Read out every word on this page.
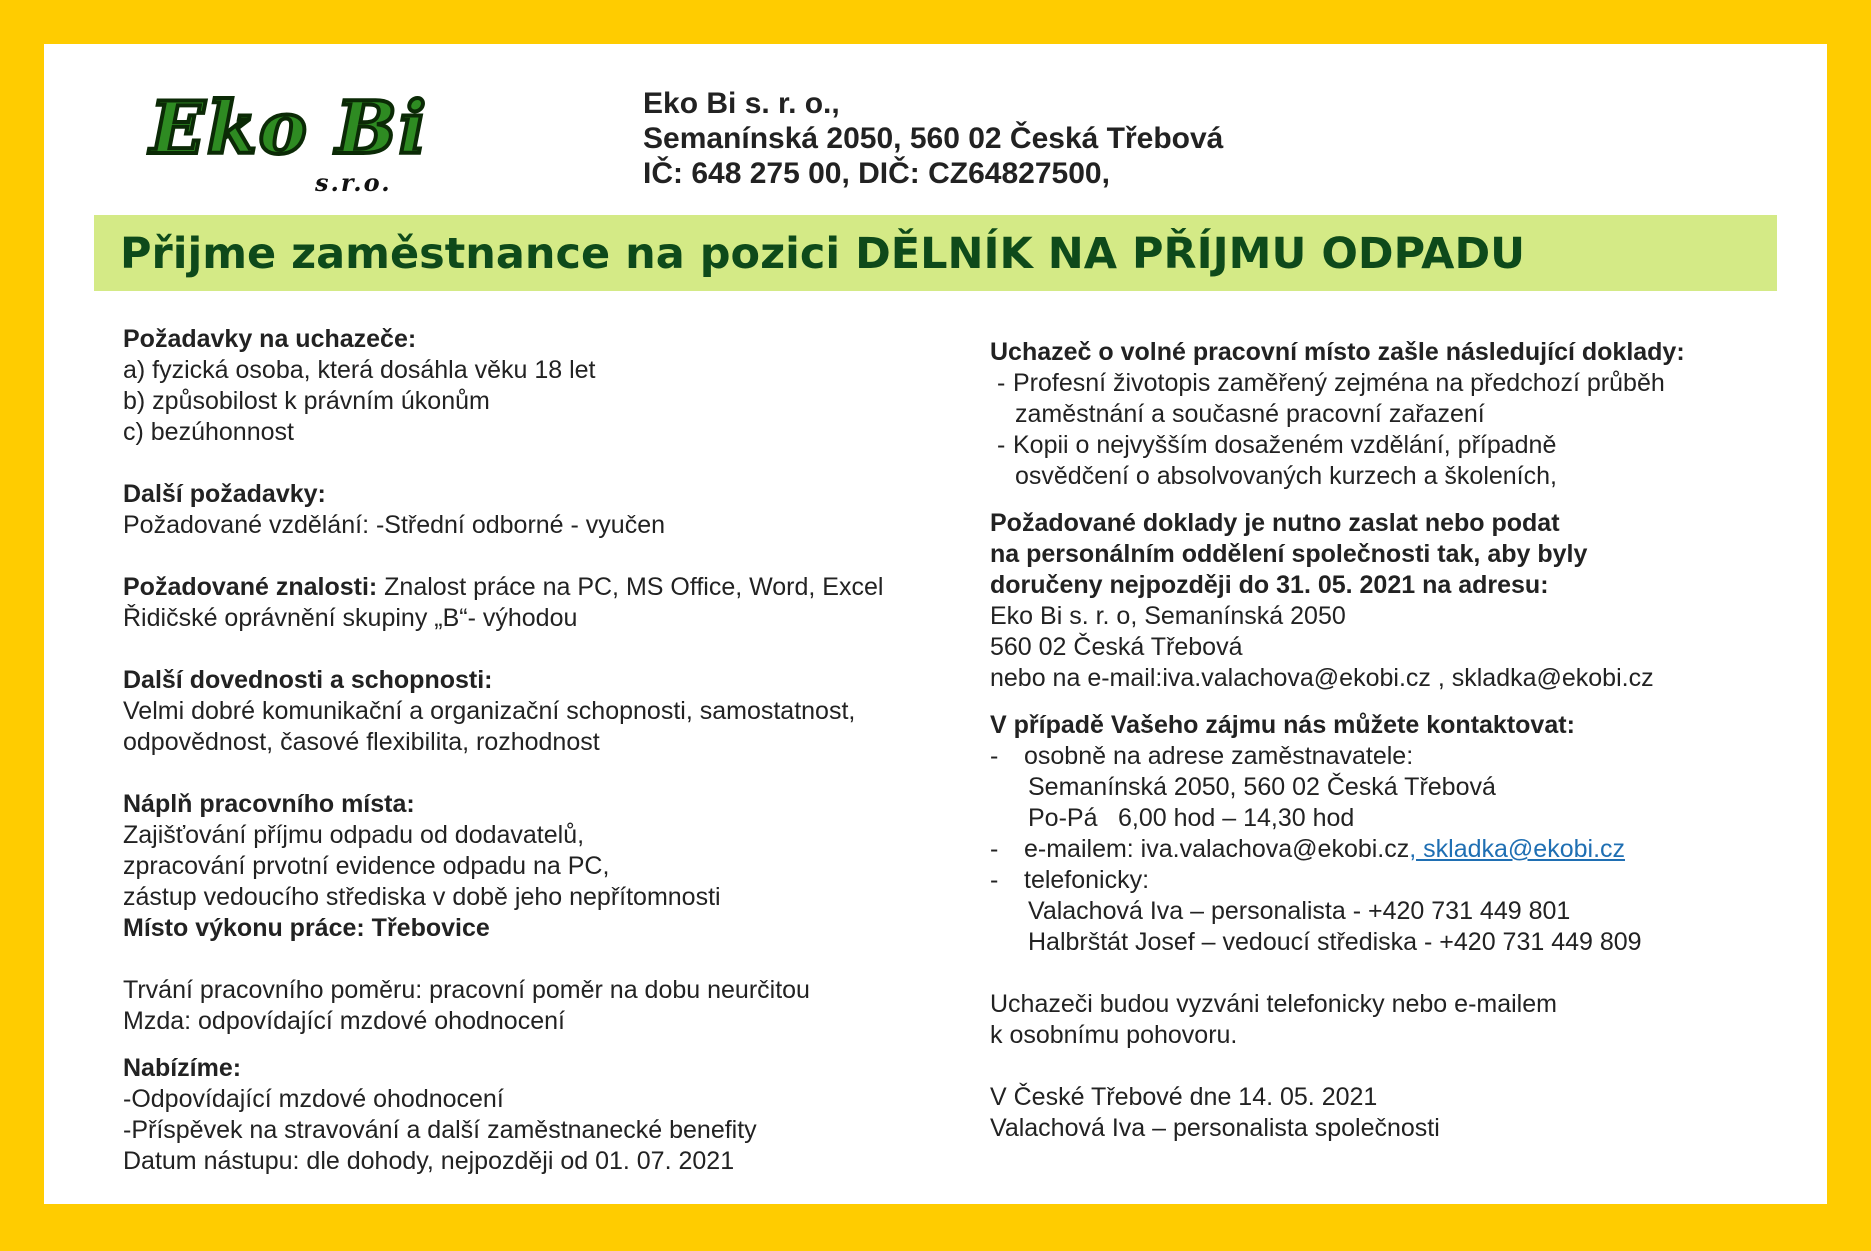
Eko Bi
s.r.o.
Eko Bi s. r. o.,
Semanínská 2050, 560 02 Česká Třebová
IČ: 648 275 00, DIČ: CZ64827500,
Přijme zaměstnance na pozici DĚLNÍK NA PŘÍJMU ODPADU

Požadavky na uchazeče:

a) fyzická osoba, která dosáhla věku 18 let

b) způsobilost k právním úkonům

c) bezúhonnost

Další požadavky:

Požadované vzdělání: -Střední odborné - vyučen

Požadované znalosti: Znalost práce na PC, MS Office, Word, Excel

Řidičské oprávnění skupiny „B“- výhodou

Další dovednosti a schopnosti:

Velmi dobré komunikační a organizační schopnosti, samostatnost,

odpovědnost, časové flexibilita, rozhodnost

Náplň pracovního místa:

Zajišťování příjmu odpadu od dodavatelů,

zpracování prvotní evidence odpadu na PC,

zástup vedoucího střediska v době jeho nepřítomnosti

Místo výkonu práce: Třebovice

Trvání pracovního poměru: pracovní poměr na dobu neurčitou

Mzda: odpovídající mzdové ohodnocení

Nabízíme:

-Odpovídající mzdové ohodnocení

-Příspěvek na stravování a další zaměstnanecké benefity

Datum nástupu: dle dohody, nejpozději od 01. 07. 2021

Uchazeč o volné pracovní místo zašle následující doklady:

- Profesní životopis zaměřený zejména na předchozí průběh

zaměstnání a současné pracovní zařazení

- Kopii o nejvyšším dosaženém vzdělání, případně

osvědčení o absolvovaných kurzech a školeních,

Požadované doklady je nutno zaslat nebo podat

na personálním oddělení společnosti tak, aby byly

doručeny nejpozději do 31. 05. 2021 na adresu:

Eko Bi s. r. o, Semanínská 2050

560 02 Česká Třebová

nebo na e-mail:iva.valachova@ekobi.cz , skladka@ekobi.cz

V případě Vašeho zájmu nás můžete kontaktovat:

- osobně na adrese zaměstnavatele:

Semanínská 2050, 560 02 Česká Třebová

Po-Pá 6,00 hod – 14,30 hod

- e-mailem: iva.valachova@ekobi.cz, skladka@ekobi.cz

- telefonicky:

Valachová Iva – personalista - +420 731 449 801

Halbrštát Josef – vedoucí střediska - +420 731 449 809

Uchazeči budou vyzváni telefonicky nebo e-mailem

k osobnímu pohovoru.

V České Třebové dne 14. 05. 2021

Valachová Iva – personalista společnosti
